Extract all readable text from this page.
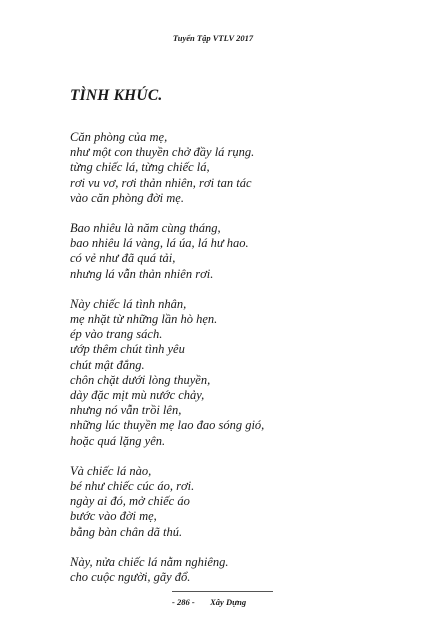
Tuyển Tập VTLV 2017
TÌNH KHÚC.
Căn phòng của mẹ,
như một con thuyền chở đầy lá rụng.
từng chiếc lá, từng chiếc lá,
rơi vu vơ, rơi thản nhiên, rơi tan tác
vào căn phòng đời mẹ.
Bao nhiêu là năm cùng tháng,
bao nhiêu lá vàng, lá úa, lá hư hao.
có vẻ như đã quá tải,
nhưng lá vẫn thản nhiên rơi.
Này chiếc lá tình nhân,
mẹ nhặt từ những lần hò hẹn.
ép vào trang sách.
ướp thêm chút tình yêu
chút mật đắng.
chôn chặt dưới lòng thuyền,
dày đặc mịt mù nước chảy,
nhưng nó vẫn trồi lên,
những lúc thuyền mẹ lao đao sóng gió,
hoặc quá lặng yên.
Và chiếc lá nào,
bé như chiếc cúc áo, rơi.
ngày ai đó, mở chiếc áo
bước vào đời mẹ,
bằng bàn chân dã thú.
Này, nửa chiếc lá nằm nghiêng.
cho cuộc người, gãy đổ.
- 286 - Xây Dựng
